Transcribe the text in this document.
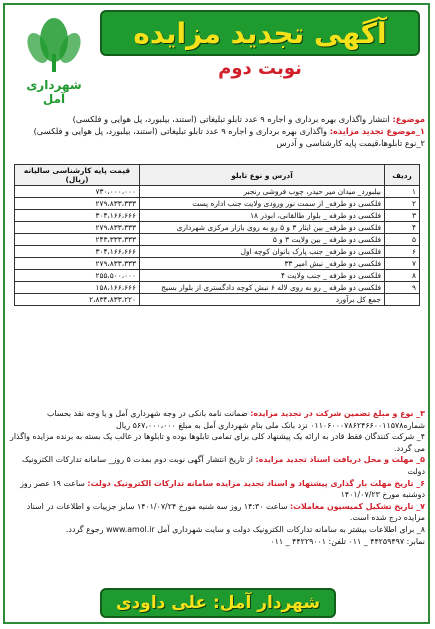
شهرداری آمل
آگهی تجدید مزایده
نوبت دوم
موضوع: انتشار واگذاری بهره برداری و اجاره ۹ عدد تابلو تبلیغاتی (استند، بیلبورد، پل هوایی و فلکسی)
۱_موضوع تجدید مزایده: واگذاری بهره برداری و اجاره ۹ عدد تابلو تبلیغاتی (استند، بیلبورد، پل هوایی و فلکسی)
۲_نوع تابلوها،قیمت پایه کارشناسی و آدرس
ردیف	آدرس و نوع تابلو	قیمت پایه کارشناسی سالیانه (ریال)
۱	بیلبورد_ میدان میر حیدر، چوب فروشی رنجبر	۷۳۰،۰۰۰،۰۰۰
۲	فلکسی دو طرفه_ از سمت نور ورودی ولایت جنب اداره پست	۲۷۹،۸۳۳،۳۳۳
۳	فلکسی دو طرفه _ بلوار طالقانی، ابوذر ۱۸	۳۰۴،۱۶۶،۶۶۶
۴	فلکسی دو طرفه_ بین ایثار ۳ و ۵ رو به روی بازار مرکزی شهرداری	۲۷۹،۸۳۳،۳۳۳
۵	فلکسی دو طرفه _ بین ولایت ۳ و ۵	۲۴۳،۳۳۳،۳۳۳
۶	فلکسی دو طرفه_ جنب پارک بانوان کوچه اول	۳۰۴،۱۶۶،۶۶۶
۷	فلکسی دو طرفه_ نبش امیر ۳۳	۲۷۹،۸۳۳،۳۳۳
۸	فلکسی دو طرفه _ جنب ولایت ۴	۲۵۵،۵۰۰،۰۰۰
۹	فلکسی دو طرفه _ رو به روی لاله ۶ نبش کوچه دادگستری از بلوار بسیج	۱۵۸،۱۶۶،۶۶۶
	جمع کل برآورد	۲،۸۳۴،۸۳۳،۲۲۰
۳_ نوع و مبلغ تضمین شرکت در تجدید مزایده: ضمانت نامه بانکی در وجه شهرداری آمل و یا وجه نقد بحساب شماره۰۱۱۰۶۰۰۰۷۸۶۲۴۶۶۰۰۱۱۵۷۸ نزد بانک ملی بنام شهرداری آمل به مبلغ ۵۶۷،۰۰۰،۰۰۰ ریال
۴_ شرکت کنندگان فقط قادر به ارائه یک پیشنهاد کلی برای تمامی تابلوها بوده و تابلوها در غالب یک بسته به برنده مزایده واگذار می گردد.
۵_ مهلت و محل دریافت اسناد تجدید مزایده: از تاریخ انتشار آگهی نوبت دوم بمدت ۵ روز_ سامانه تدارکات الکترونیک دولت
۶_ تاریخ مهلت بار گذاری پیشنهاد و اسناد تجدید مزایده سامانه تدارکات الکترونیک دولت: ساعت ۱۹ عصر روز دوشنبه مورخ ۱۴۰۱/۰۷/۲۳
۷_ تاریخ تشکیل کمیسیون معاملات: ساعت ۱۴:۳۰ روز سه شنبه مورخ ۱۴۰۱/۰۷/۲۴ سایر جزییات و اطلاعات در اسناد مزایده درج شده است.
۸_ برای اطلاعات بیشتر به سامانه تدارکات الکترونیک دولت و سایت شهرداری آمل www.amol.ir رجوع گردد.
نمابر: ۴۴۲۵۹۴۹۷ _ ۰۱۱ تلفن: ۴۴۲۲۹۰۰۱ _ ۰۱۱
شهردار آمل: علی داودی
